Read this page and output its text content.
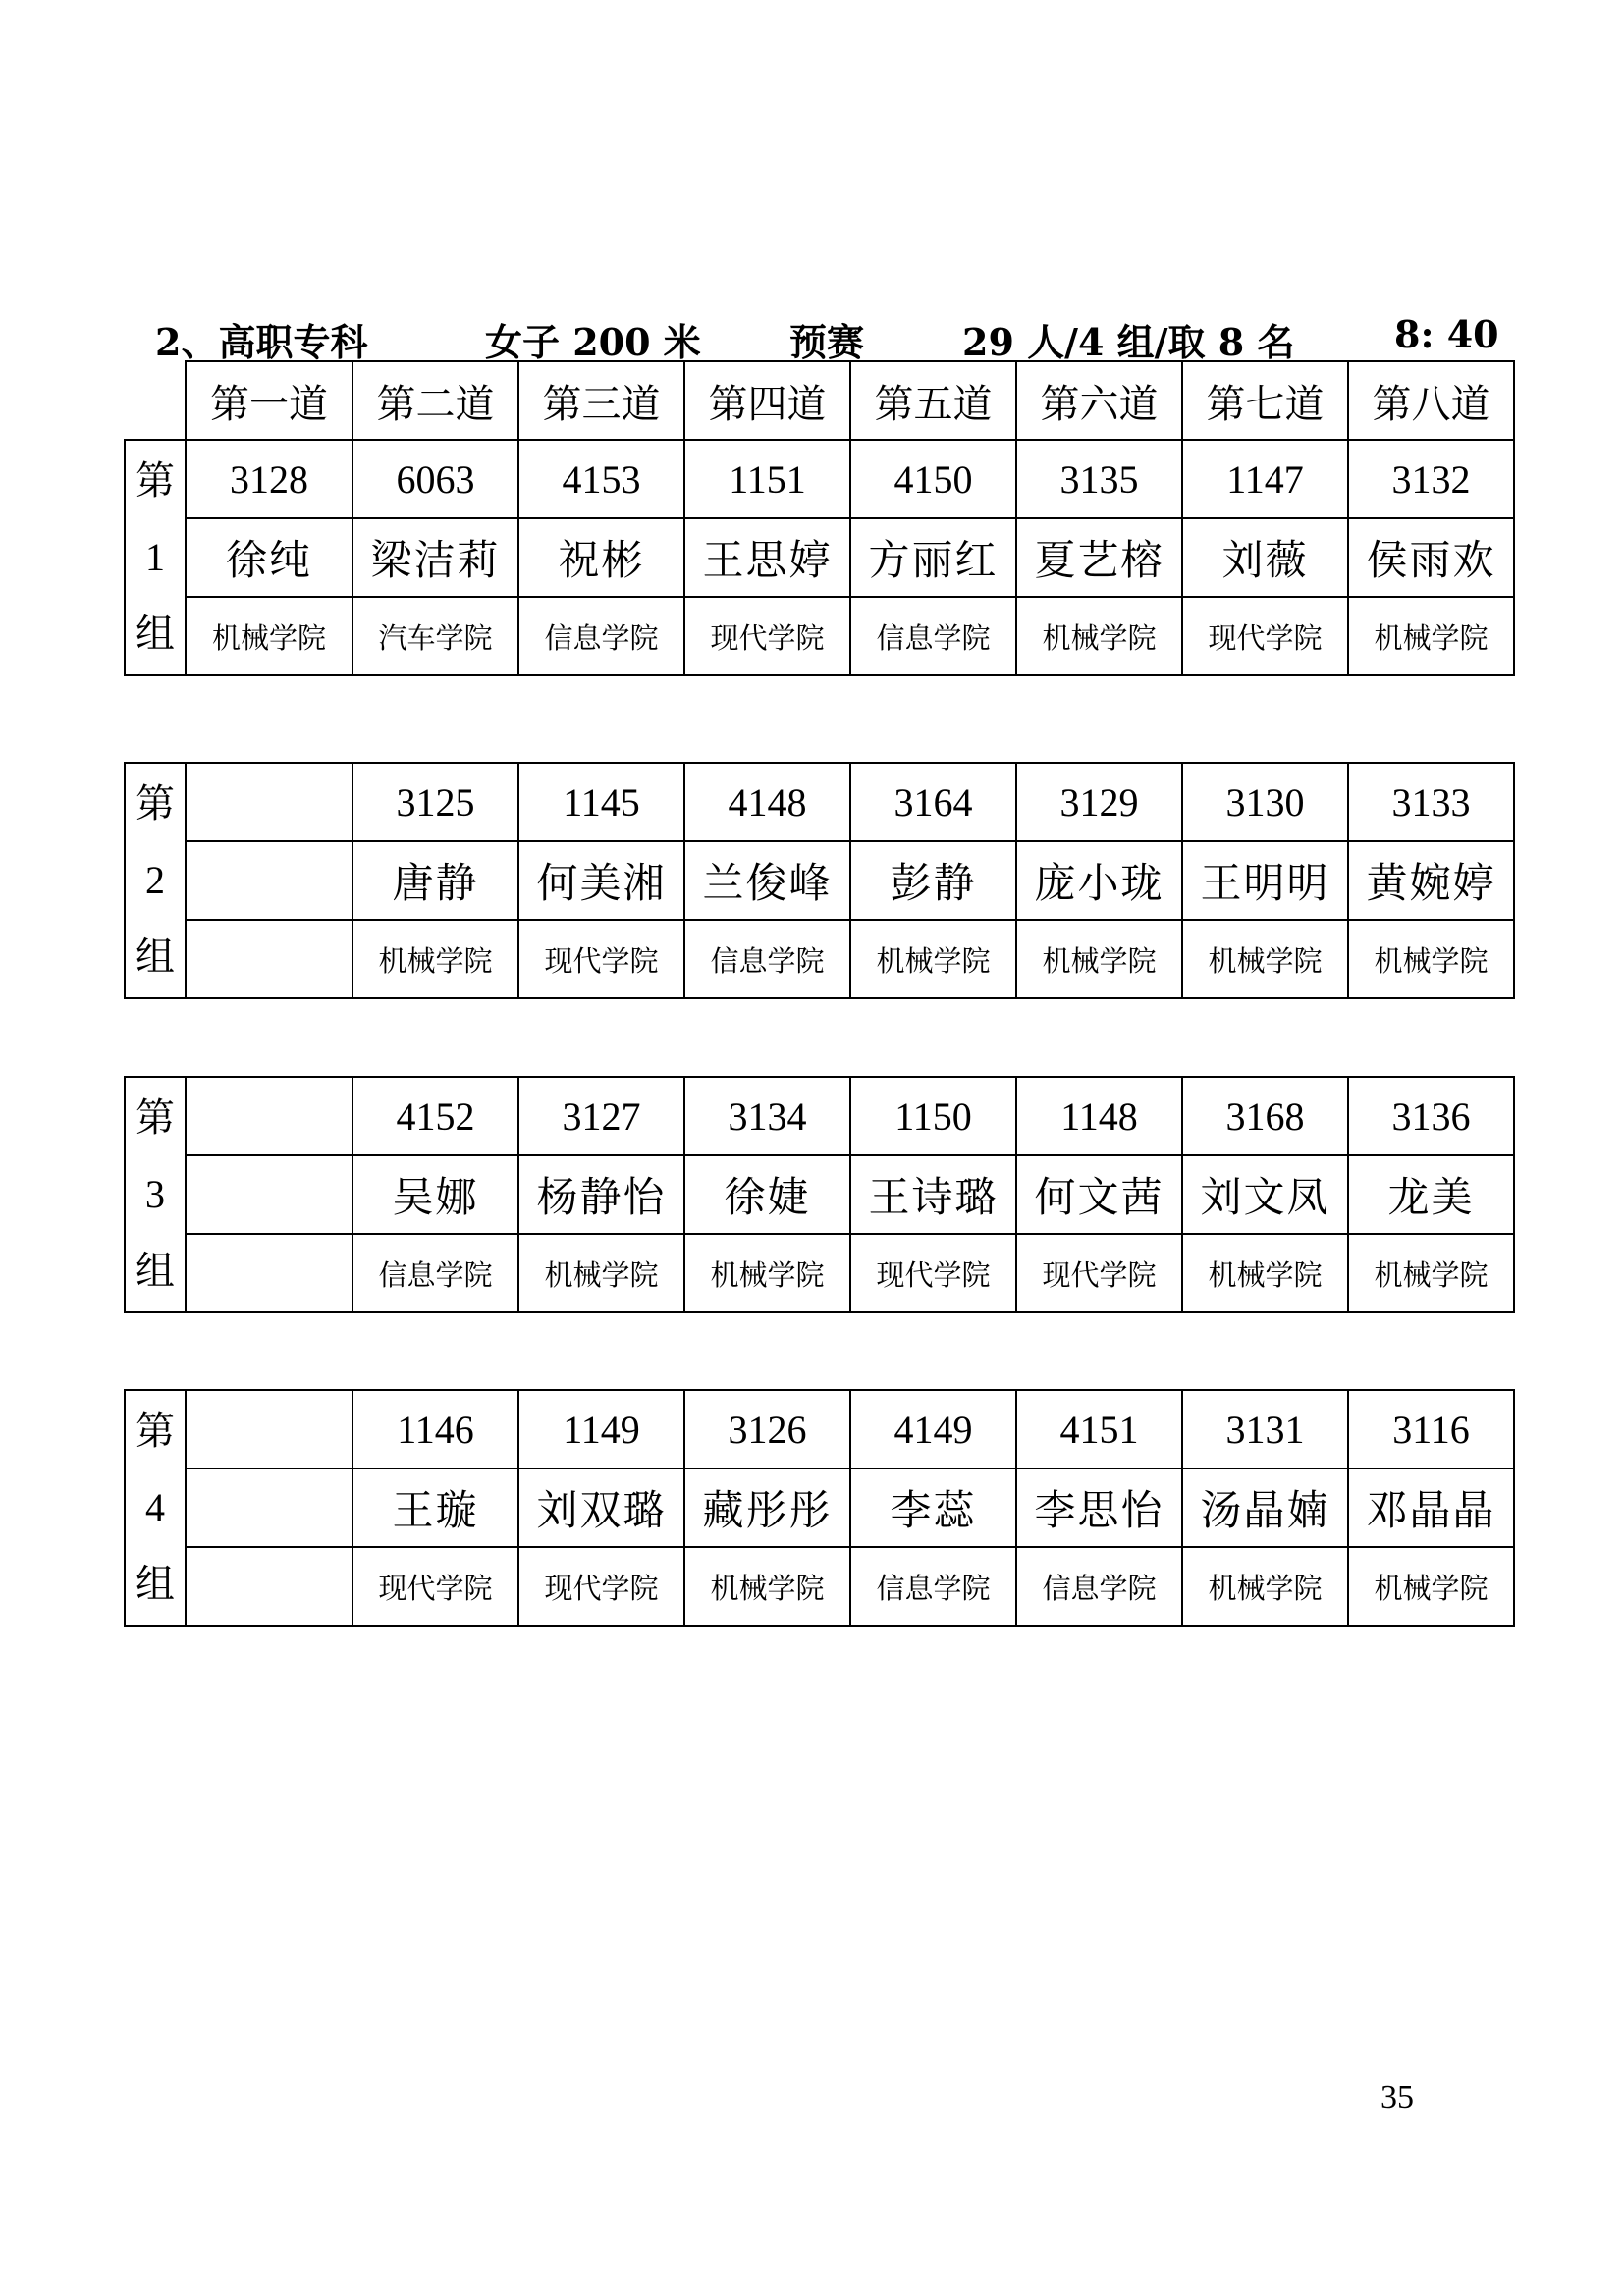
2、高职专科	女子 200 米 预赛	29 人/4 组/取 8 名	8: 40
	第一道	第二道	第三道	第四道	第五道	第六道	第七道	第八道

第
1
组	3128	6063	4153	1151	4150	3135	1147	3132
	徐纯	梁洁莉	祝彬	王思婷	方丽红	夏艺榕	刘薇	侯雨欢
	机械学院	汽车学院	信息学院	现代学院	信息学院	机械学院	现代学院	机械学院
第
2
组		3125	1145	4148	3164	3129	3130	3133
		唐静	何美湘	兰俊峰	彭静	庞小珑	王明明	黄婉婷
		机械学院	现代学院	信息学院	机械学院	机械学院	机械学院	机械学院
第
3
组		4152	3127	3134	1150	1148	3168	3136
		吴娜	杨静怡	徐婕	王诗璐	何文茜	刘文凤	龙美
		信息学院	机械学院	机械学院	现代学院	现代学院	机械学院	机械学院
第
4
组		1146	1149	3126	4149	4151	3131	3116
		王璇	刘双璐	藏彤彤	李蕊	李思怡	汤晶婻	邓晶晶
		现代学院	现代学院	机械学院	信息学院	信息学院	机械学院	机械学院
35
